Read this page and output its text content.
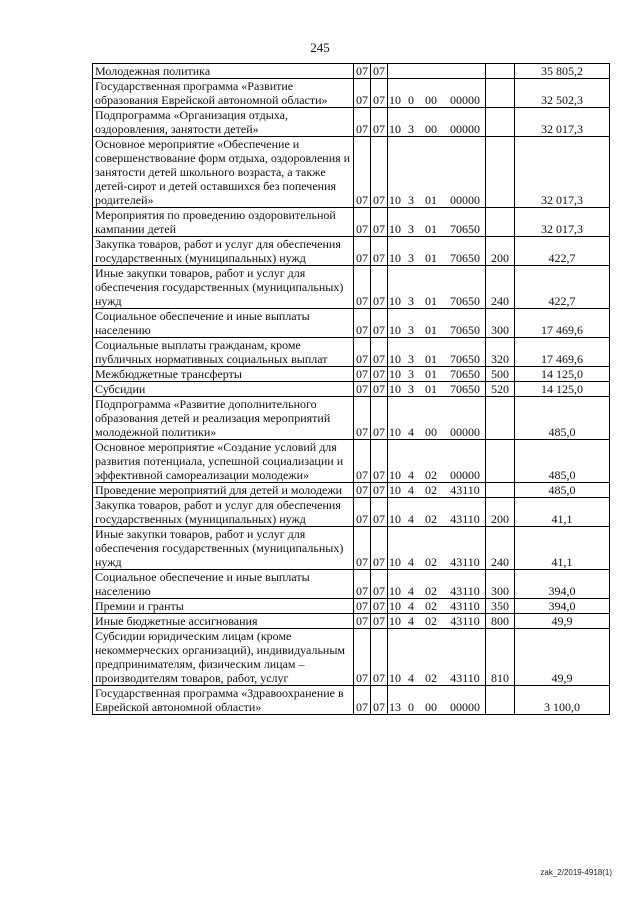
245
Молодежная политика	07	07			35 805,2
Государственная программа «Развитие образования Еврейской автономной области»	07	07	10 0 00 00000		32 502,3
Подпрограмма «Организация отдыха, оздоровления, занятости детей»	07	07	10 3 00 00000		32 017,3
Основное мероприятие «Обеспечение и совершенствование форм отдыха, оздоровления и занятости детей школьного возраста, а также детей-сирот и детей оставшихся без попечения родителей»	07	07	10 3 01 00000		32 017,3
Мероприятия по проведению оздоровительной кампании детей	07	07	10 3 01 70650		32 017,3
Закупка товаров, работ и услуг для обеспечения государственных (муниципальных) нужд	07	07	10 3 01 70650	200	422,7
Иные закупки товаров, работ и услуг для обеспечения государственных (муниципальных) нужд	07	07	10 3 01 70650	240	422,7
Социальное обеспечение и иные выплаты населению	07	07	10 3 01 70650	300	17 469,6
Социальные выплаты гражданам, кроме публичных нормативных социальных выплат	07	07	10 3 01 70650	320	17 469,6
Межбюджетные трансферты	07	07	10 3 01 70650	500	14 125,0
Субсидии	07	07	10 3 01 70650	520	14 125,0
Подпрограмма «Развитие дополнительного образования детей и реализация мероприятий молодежной политики»	07	07	10 4 00 00000		485,0
Основное мероприятие «Создание условий для развития потенциала, успешной социализации и эффективной самореализации молодежи»	07	07	10 4 02 00000		485,0
Проведение мероприятий для детей и молодежи	07	07	10 4 02 43110		485,0
Закупка товаров, работ и услуг для обеспечения государственных (муниципальных) нужд	07	07	10 4 02 43110	200	41,1
Иные закупки товаров, работ и услуг для обеспечения государственных (муниципальных) нужд	07	07	10 4 02 43110	240	41,1
Социальное обеспечение и иные выплаты населению	07	07	10 4 02 43110	300	394,0
Премии и гранты	07	07	10 4 02 43110	350	394,0
Иные бюджетные ассигнования	07	07	10 4 02 43110	800	49,9
Субсидии юридическим лицам (кроме некоммерческих организаций), индивидуальным предпринимателям, физическим лицам – производителям товаров, работ, услуг	07	07	10 4 02 43110	810	49,9
Государственная программа «Здравоохранение в Еврейской автономной области»	07	07	13 0 00 00000		3 100,0
zak_2/2019-4918(1)
